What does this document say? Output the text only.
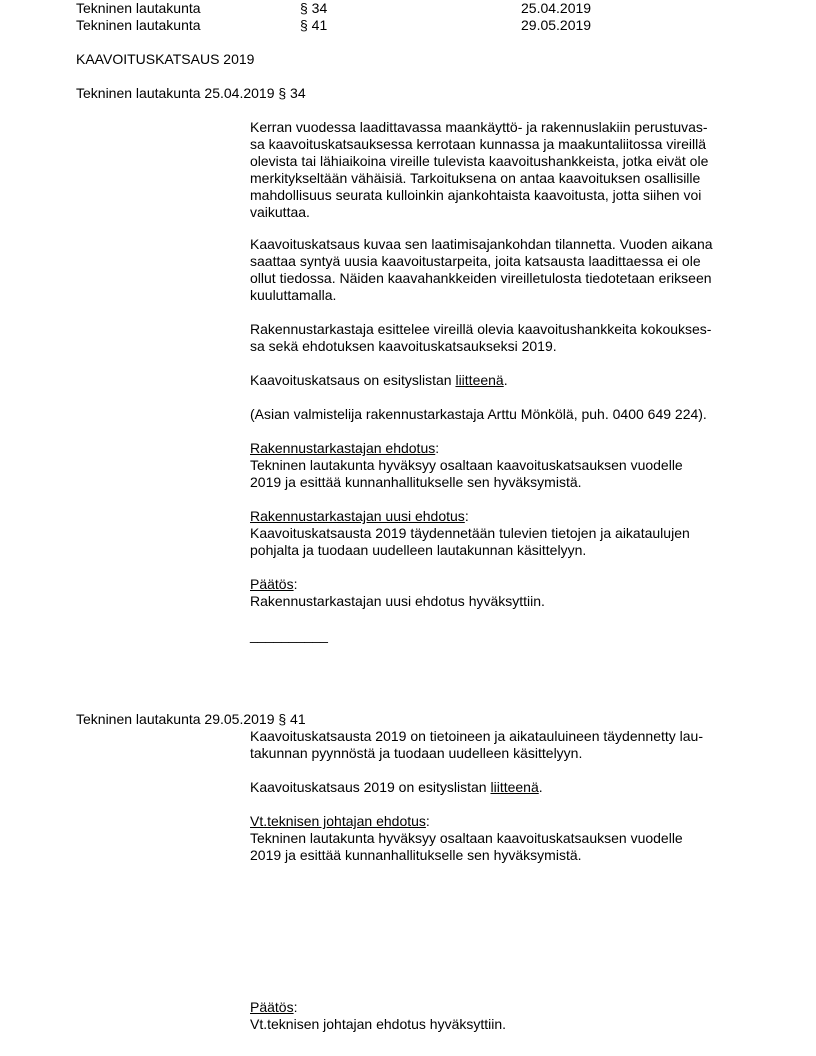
Tekninen lautakunta	§ 34	25.04.2019
Tekninen lautakunta	§ 41	29.05.2019
KAAVOITUSKATSAUS 2019
Tekninen lautakunta 25.04.2019 § 34

Kerran vuodessa laadittavassa maankäyttö- ja rakennuslakiin perustuvas-

sa kaavoituskatsauksessa kerrotaan kunnassa ja maakuntaliitossa vireillä

olevista tai lähiaikoina vireille tulevista kaavoitushankkeista, jotka eivät ole

merkitykseltään vähäisiä. Tarkoituksena on antaa kaavoituksen osallisille

mahdollisuus seurata kulloinkin ajankohtaista kaavoitusta, jotta siihen voi

vaikuttaa.

Kaavoituskatsaus kuvaa sen laatimisajankohdan tilannetta. Vuoden aikana

saattaa syntyä uusia kaavoitustarpeita, joita katsausta laadittaessa ei ole

ollut tiedossa. Näiden kaavahankkeiden vireilletulosta tiedotetaan erikseen

kuuluttamalla.

Rakennustarkastaja esittelee vireillä olevia kaavoitushankkeita kokoukses-

sa sekä ehdotuksen kaavoituskatsaukseksi 2019.

Kaavoituskatsaus on esityslistan liitteenä.
(Asian valmistelija rakennustarkastaja Arttu Mönkölä, puh. 0400 649 224).

Rakennustarkastajan ehdotus:

Tekninen lautakunta hyväksyy osaltaan kaavoituskatsauksen vuodelle

2019 ja esittää kunnanhallitukselle sen hyväksymistä.

Rakennustarkastajan uusi ehdotus:

Kaavoituskatsausta 2019 täydennetään tulevien tietojen ja aikataulujen

pohjalta ja tuodaan uudelleen lautakunnan käsittelyyn.

Päätös:

Rakennustarkastajan uusi ehdotus hyväksyttiin.

__________
Tekninen lautakunta 29.05.2019 § 41

Kaavoituskatsausta 2019 on tietoineen ja aikatauluineen täydennetty lau-

takunnan pyynnöstä ja tuodaan uudelleen käsittelyyn.

Kaavoituskatsaus 2019 on esityslistan liitteenä.

Vt.teknisen johtajan ehdotus:

Tekninen lautakunta hyväksyy osaltaan kaavoituskatsauksen vuodelle

2019 ja esittää kunnanhallitukselle sen hyväksymistä.

Päätös:

Vt.teknisen johtajan ehdotus hyväksyttiin.
